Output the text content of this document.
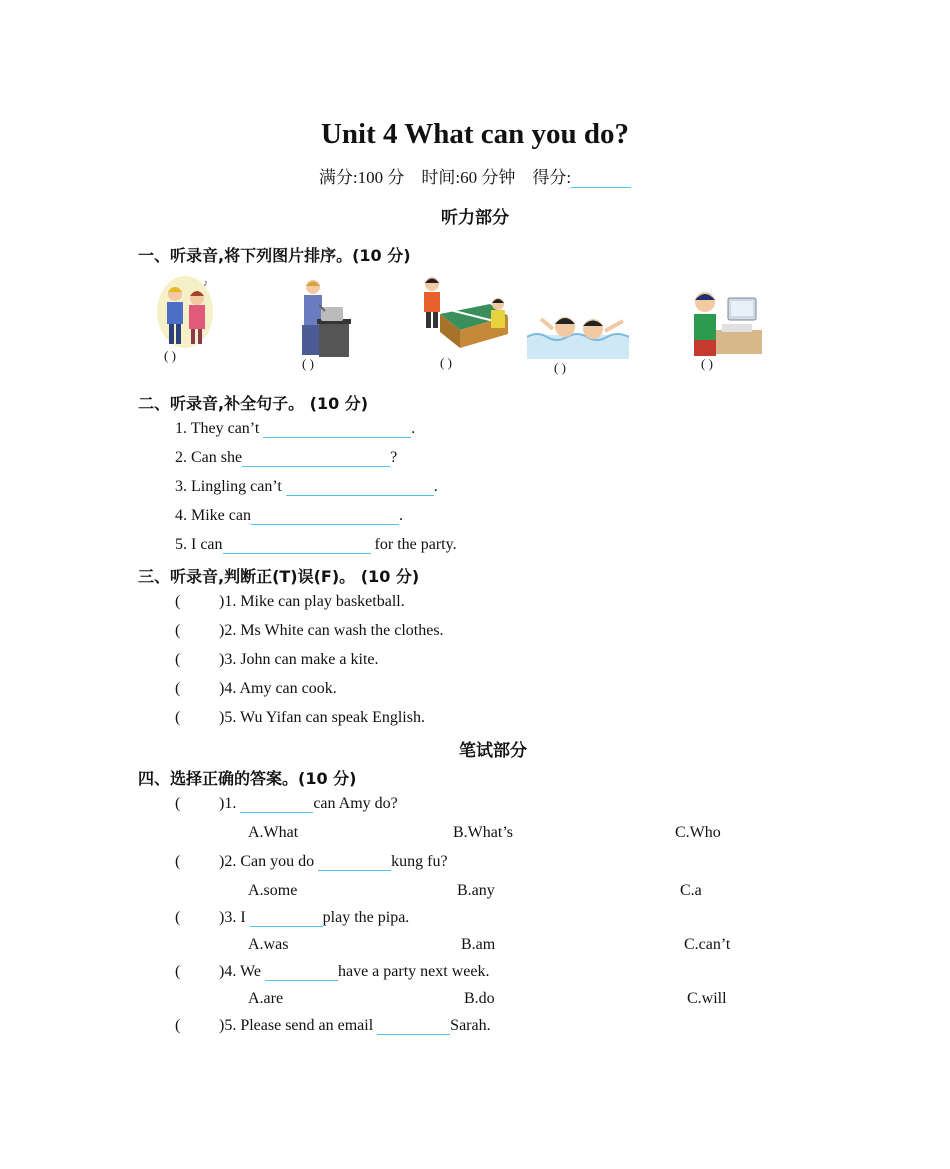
Unit 4 What can you do?
满分:100 分 时间:60 分钟 得分:
听力部分
一、听录音,将下列图片排序。(10 分)
♪
( )
( )	( )	( )	( )
二、听录音,补全句子。 (10 分)
1. They can’t	.
2. Can she	?
3. Lingling can’t	.
4. Mike can	.
5. I can	for the party.
三、听录音,判断正(T)误(F)。 (10 分)
( )1. Mike can play basketball.
( )2. Ms White can wash the clothes.
( )3. John can make a kite.
( )4. Amy can cook.
( )5. Wu Yifan can speak English.
笔试部分
四、选择正确的答案。(10 分)
( )1.	can Amy do?
A.What	B.What’s	C.Who
( )2. Can you do	kung fu?
A.some	B.any	C.a
( )3. I	play the pipa.
A.was	B.am	C.can’t
( )4. We	have a party next week.
A.are	B.do	C.will
( )5. Please send an email	Sarah.
